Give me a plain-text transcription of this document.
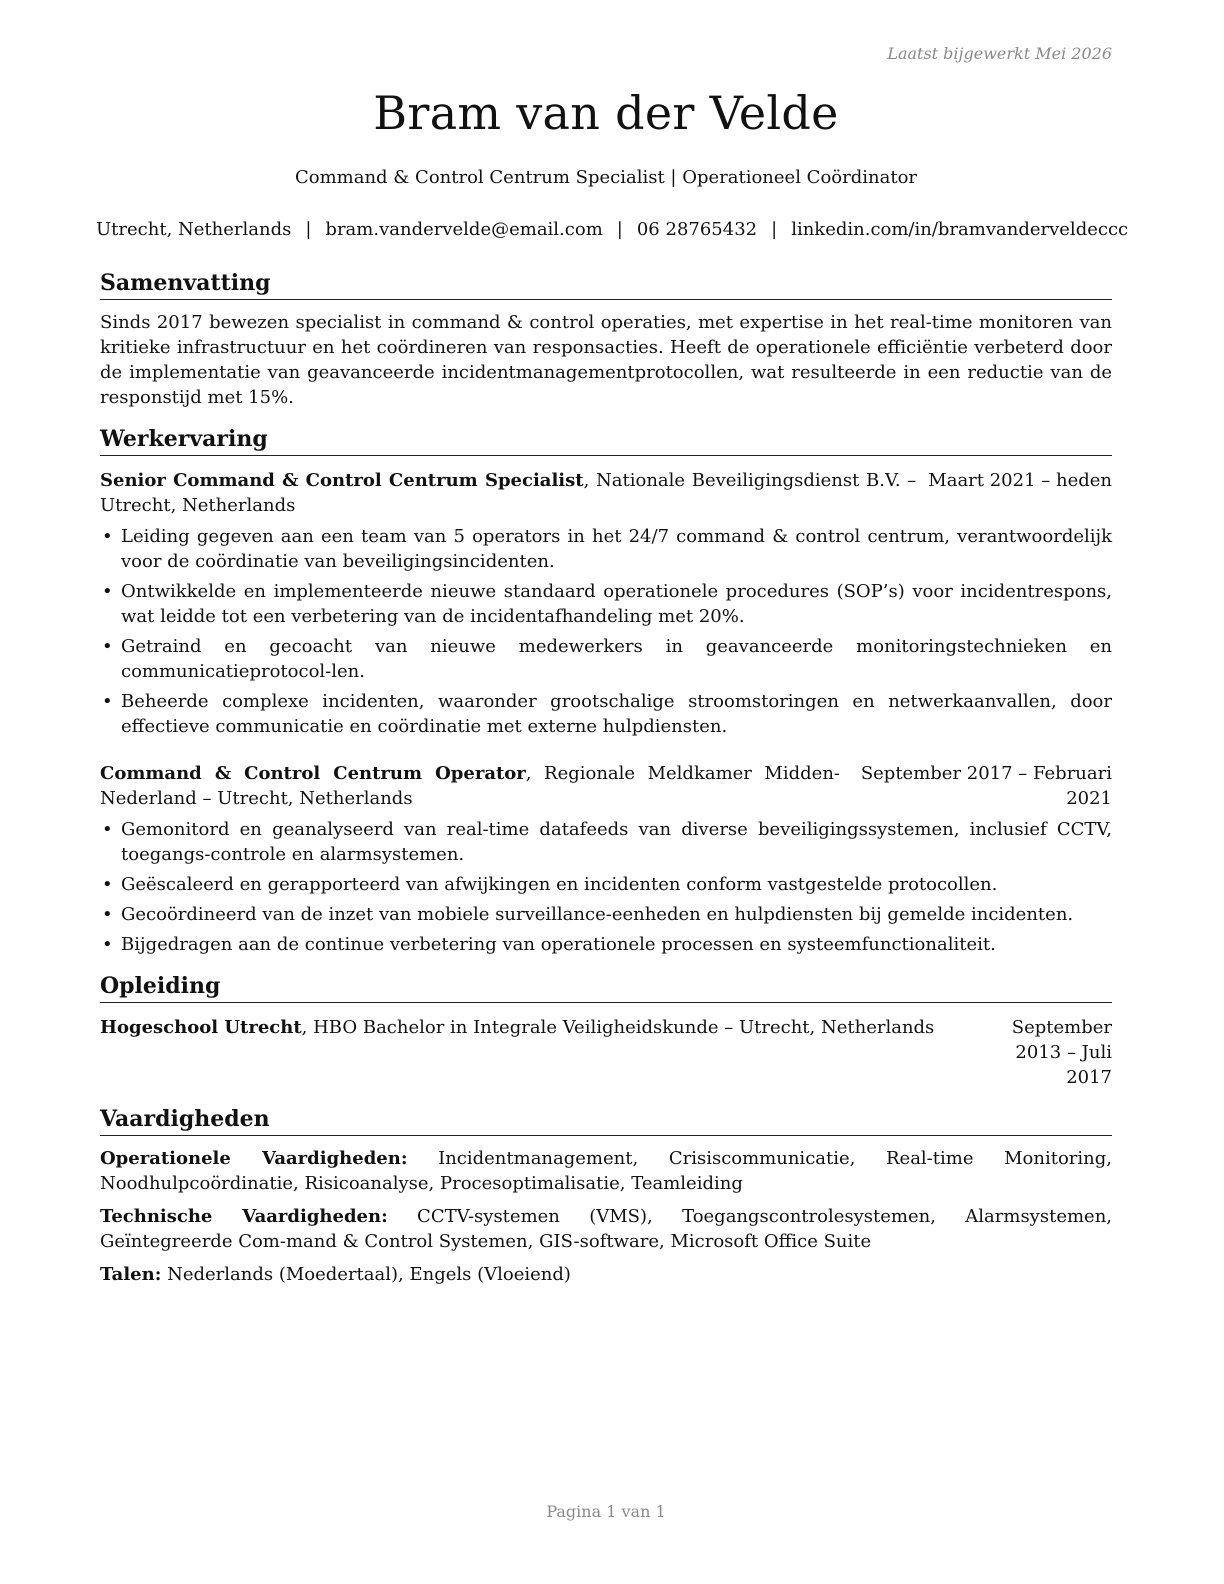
Laatst bijgewerkt Mei 2026
Bram van der Velde
Command & Control Centrum Specialist | Operationeel Coördinator
Utrecht, Netherlands | bram.vandervelde@email.com | 06 28765432 | linkedin.com/in/bramvanderveldeccc
Samenvatting

Sinds 2017 bewezen specialist in command & control operaties, met expertise in het real-time monitoren van kritieke infrastructuur en het coördineren van responsacties. Heeft de operationele efficiëntie verbeterd door de implementatie van geavanceerde incidentmanagementprotocollen, wat resulteerde in een reductie van de responstijd met 15%.

Werkervaring
Senior Command & Control Centrum Specialist, Nationale Beveiligingsdienst B.V. – Utrecht, Netherlands
Maart 2021 – heden
• Leiding gegeven aan een team van 5 operators in het 24/7 command & control centrum, verantwoordelijk voor de coördinatie van beveiligingsincidenten.
• Ontwikkelde en implementeerde nieuwe standaard operationele procedures (SOP’s) voor incidentrespons, wat leidde tot een verbetering van de incidentafhandeling met 20%.
• Getraind en gecoacht van nieuwe medewerkers in geavanceerde monitoringstechnieken en communicatieprotocol-len.
• Beheerde complexe incidenten, waaronder grootschalige stroomstoringen en netwerkaanvallen, door effectieve communicatie en coördinatie met externe hulpdiensten.
Command & Control Centrum Operator, Regionale Meldkamer Midden-Nederland – Utrecht, Netherlands
September 2017 – Februari 2021
• Gemonitord en geanalyseerd van real-time datafeeds van diverse beveiligingssystemen, inclusief CCTV, toegangs-controle en alarmsystemen.
• Geëscaleerd en gerapporteerd van afwijkingen en incidenten conform vastgestelde protocollen.
• Gecoördineerd van de inzet van mobiele surveillance-eenheden en hulpdiensten bij gemelde incidenten.
• Bijgedragen aan de continue verbetering van operationele processen en systeemfunctionaliteit.
Opleiding
Hogeschool Utrecht, HBO Bachelor in Integrale Veiligheidskunde – Utrecht, Netherlands	September 2013 – Juli 2017
Vaardigheden

Operationele Vaardigheden: Incidentmanagement, Crisiscommunicatie, Real-time Monitoring, Noodhulpcoördinatie, Risicoanalyse, Procesoptimalisatie, Teamleiding

Technische Vaardigheden: CCTV-systemen (VMS), Toegangscontrolesystemen, Alarmsystemen, Geïntegreerde Com-mand & Control Systemen, GIS-software, Microsoft Office Suite

Talen: Nederlands (Moedertaal), Engels (Vloeiend)

Pagina 1 van 1
